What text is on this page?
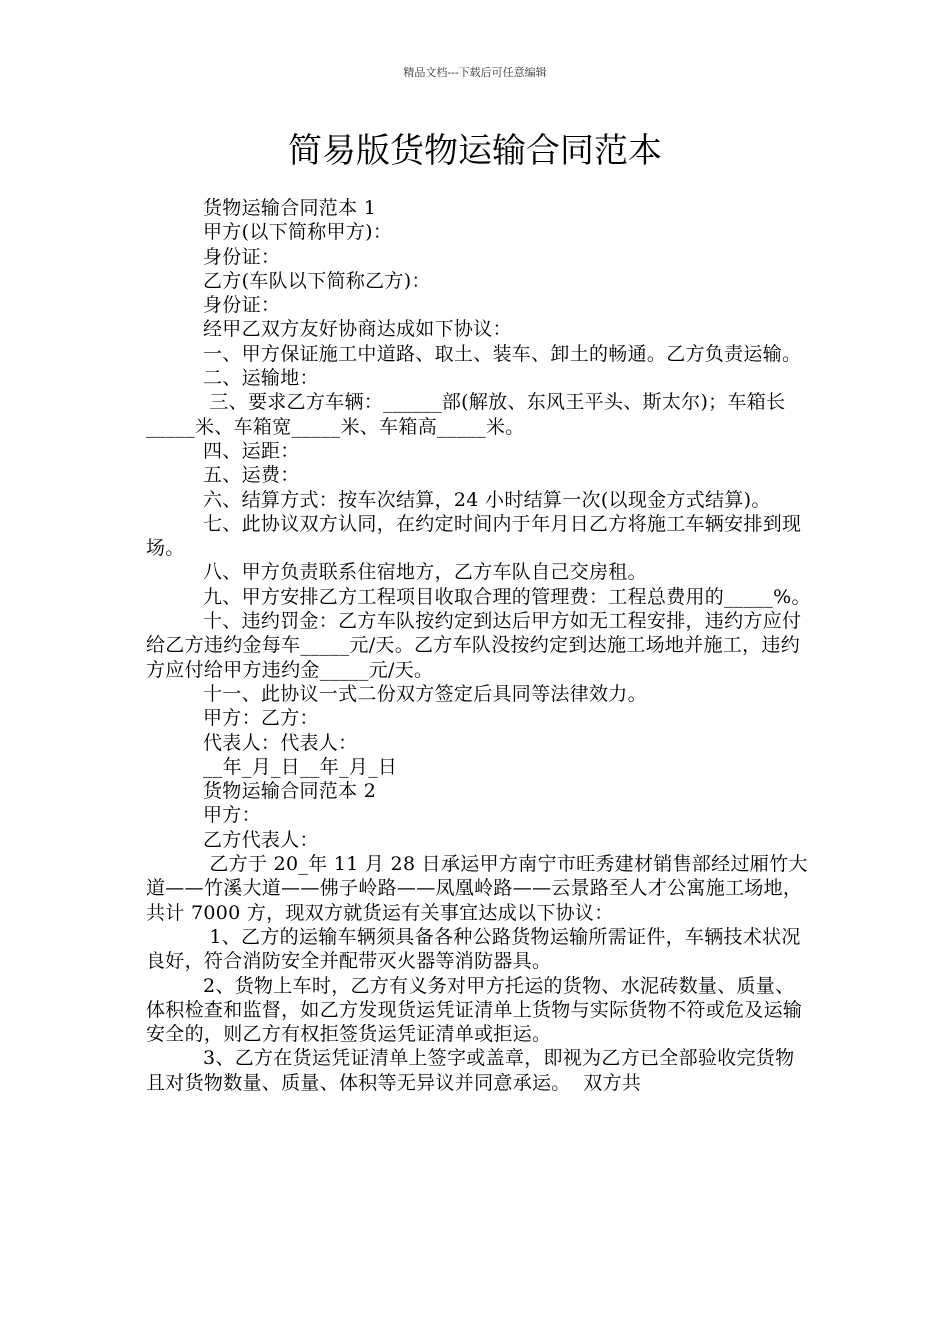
精品文档---下载后可任意编辑
简易版货物运输合同范本

货物运输合同范本 1

甲方(以下简称甲方)：

身份证：

乙方(车队以下简称乙方)：

身份证：

经甲乙双方友好协商达成如下协议：

一、甲方保证施工中道路、取土、装车、卸土的畅通。乙方负责运输。

二、运输地：

三、要求乙方车辆：______部(解放、东风王平头、斯太尔)；车箱长_____米、车箱宽_____米、车箱高_____米。

四、运距：

五、运费：

六、结算方式：按车次结算，24 小时结算一次(以现金方式结算)。

七、此协议双方认同，在约定时间内于年月日乙方将施工车辆安排到现场。

八、甲方负责联系住宿地方，乙方车队自己交房租。

九、甲方安排乙方工程项目收取合理的管理费：工程总费用的_____%。

十、违约罚金：乙方车队按约定到达后甲方如无工程安排，违约方应付给乙方违约金每车_____元/天。乙方车队没按约定到达施工场地并施工，违约方应付给甲方违约金_____元/天。

十一、此协议一式二份双方签定后具同等法律效力。

甲方：乙方：

代表人：代表人：

__年_月_日__年_月_日

货物运输合同范本 2

甲方：

乙方代表人：

乙方于 20_年 11 月 28 日承运甲方南宁市旺秀建材销售部经过厢竹大道——竹溪大道——佛子岭路——凤凰岭路——云景路至人才公寓施工场地，共计 7000 方，现双方就货运有关事宜达成以下协议：

1、乙方的运输车辆须具备各种公路货物运输所需证件，车辆技术状况良好，符合消防安全并配带灭火器等消防器具。

2、货物上车时，乙方有义务对甲方托运的货物、水泥砖数量、质量、体积检查和监督，如乙方发现货运凭证清单上货物与实际货物不符或危及运输安全的，则乙方有权拒签货运凭证清单或拒运。

3、乙方在货运凭证清单上签字或盖章，即视为乙方已全部验收完货物且对货物数量、质量、体积等无异议并同意承运。  双方共
